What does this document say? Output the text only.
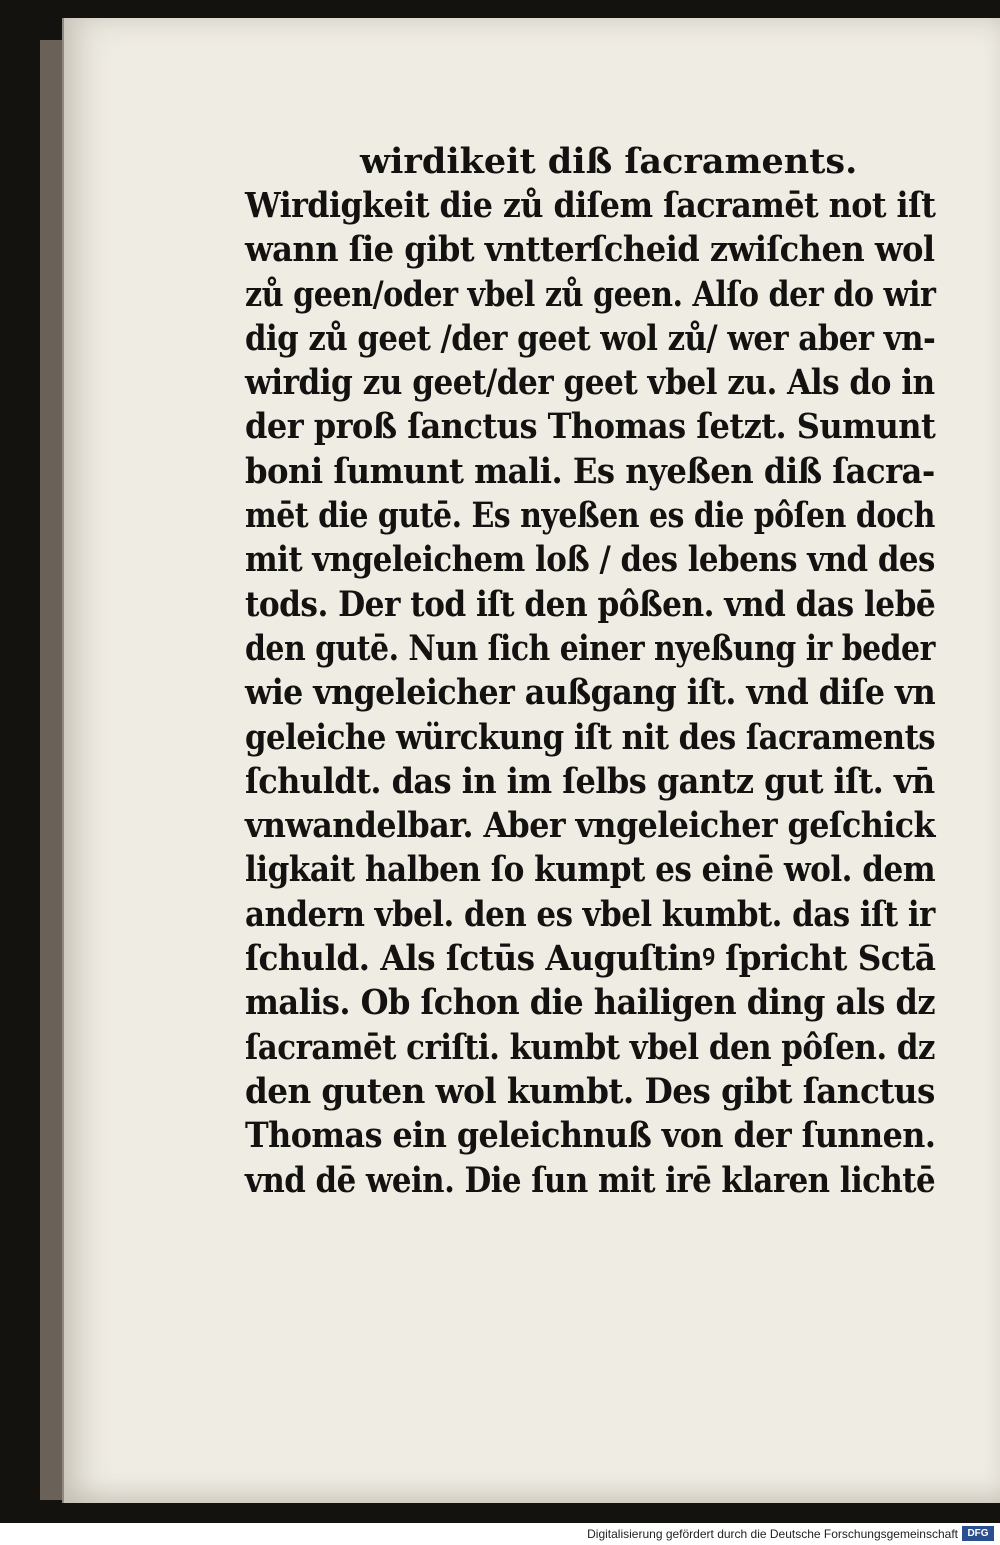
wirdikeit diß ſacraments.
Wirdigkeit die zů diſem ſacramēt not iſt
wann ſie gibt vntterſcheid zwiſchen wol
zů geen/oder vbel zů geen. Alſo der do wir
dig zů geet /der geet wol zů/ wer aber vn-
wirdig zu geet/der geet vbel zu. Als do in
der proß ſanctus Thomas ſetzt. Sumunt
boni ſumunt mali. Es nyeßen diß ſacra-
mēt die gutē. Es nyeßen es die pôſen doch
mit vngeleichem loß / des lebens vnd des
tods. Der tod iſt den pôßen. vnd das lebē
den gutē. Nun ſich einer nyeßung ir beder
wie vngeleicher außgang iſt. vnd diſe vn
geleiche würckung iſt nit des ſacraments
ſchuldt. das in im ſelbs gantz gut iſt. vn̄
vnwandelbar. Aber vngeleicher geſchick
ligkait halben ſo kumpt es einē wol. dem
andern vbel. den es vbel kumbt. das iſt ir
ſchuld. Als ſctūs Auguſtinꝰ ſpricht Sctā
malis. Ob ſchon die hailigen ding als dz
ſacramēt criſti. kumbt vbel den pôſen. dz
den guten wol kumbt. Des gibt ſanctus
Thomas ein geleichnuß von der ſunnen.
vnd dē wein. Die ſun mit irē klaren lichtē
Digitalisierung gefördert durch die Deutsche Forschungsgemeinschaft DFG
